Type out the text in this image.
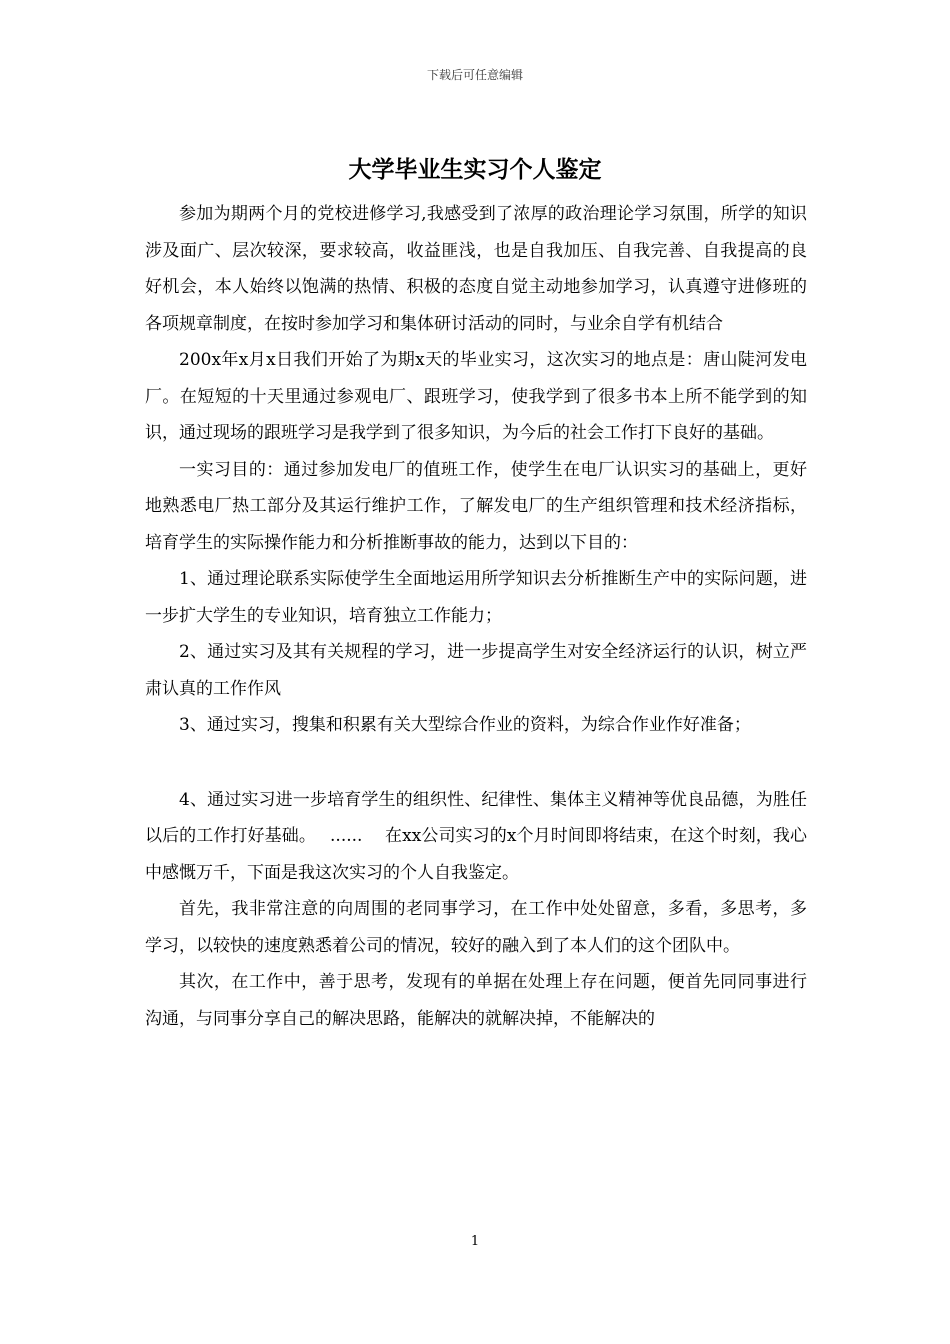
下载后可任意编辑
大学毕业生实习个人鉴定

参加为期两个月的党校进修学习,我感受到了浓厚的政治理论学习氛围，所学的知识涉及面广、层次较深，要求较高，收益匪浅，也是自我加压、自我完善、自我提高的良好机会，本人始终以饱满的热情、积极的态度自觉主动地参加学习，认真遵守进修班的各项规章制度，在按时参加学习和集体研讨活动的同时，与业余自学有机结合

200x年x月x日我们开始了为期x天的毕业实习，这次实习的地点是：唐山陡河发电厂。在短短的十天里通过参观电厂、跟班学习，使我学到了很多书本上所不能学到的知识，通过现场的跟班学习是我学到了很多知识，为今后的社会工作打下良好的基础。

一实习目的：通过参加发电厂的值班工作，使学生在电厂认识实习的基础上，更好地熟悉电厂热工部分及其运行维护工作，了解发电厂的生产组织管理和技术经济指标，培育学生的实际操作能力和分析推断事故的能力，达到以下目的：

1、通过理论联系实际使学生全面地运用所学知识去分析推断生产中的实际问题，进一步扩大学生的专业知识，培育独立工作能力；

2、通过实习及其有关规程的学习，进一步提高学生对安全经济运行的认识，树立严肃认真的工作作风

3、通过实习，搜集和积累有关大型综合作业的资料，为综合作业作好准备；

4、通过实习进一步培育学生的组织性、纪律性、集体主义精神等优良品德，为胜任以后的工作打好基础。　 ...... 　在xx公司实习的x个月时间即将结束，在这个时刻，我心中感慨万千，下面是我这次实习的个人自我鉴定。

首先，我非常注意的向周围的老同事学习，在工作中处处留意，多看，多思考，多学习，以较快的速度熟悉着公司的情况，较好的融入到了本人们的这个团队中。

其次，在工作中，善于思考，发现有的单据在处理上存在问题，便首先同同事进行沟通，与同事分享自己的解决思路，能解决的就解决掉，不能解决的

1
